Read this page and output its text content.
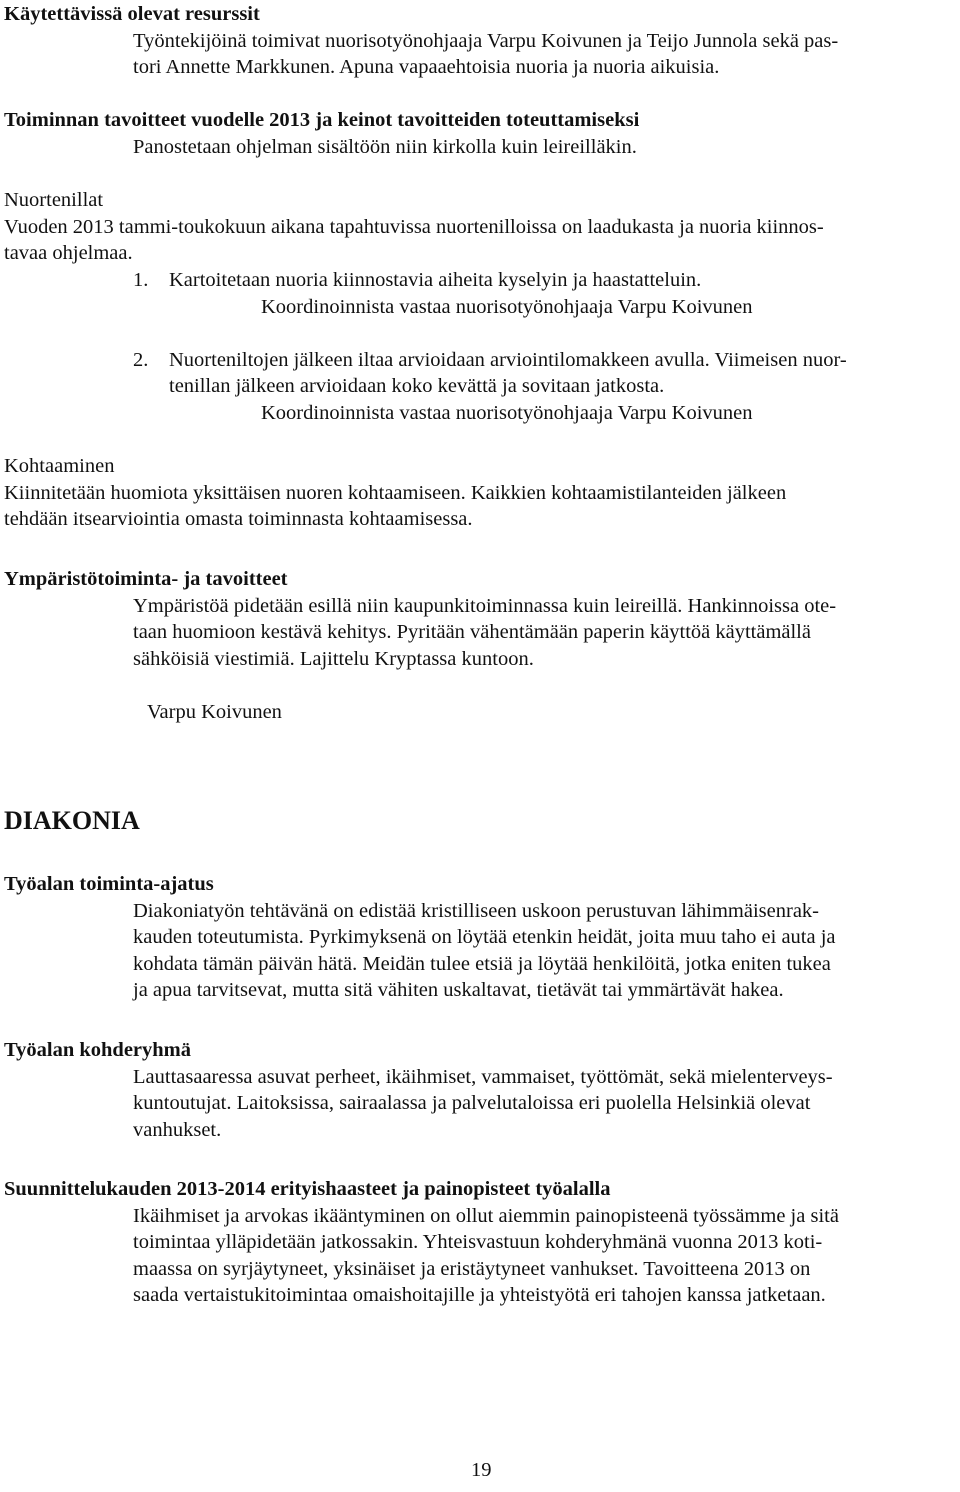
Käytettävissä olevat resurssit
Työntekijöinä toimivat nuorisotyönohjaaja Varpu Koivunen ja Teijo Junnola sekä pas-
tori Annette Markkunen. Apuna vapaaehtoisia nuoria ja nuoria aikuisia.
Toiminnan tavoitteet vuodelle 2013 ja keinot tavoitteiden toteuttamiseksi
Panostetaan ohjelman sisältöön niin kirkolla kuin leireilläkin.
Nuortenillat
Vuoden 2013 tammi-toukokuun aikana tapahtuvissa nuortenilloissa on laadukasta ja nuoria kiinnos-
tavaa ohjelmaa.
1. Kartoitetaan nuoria kiinnostavia aiheita kyselyin ja haastatteluin.
Koordinoinnista vastaa nuorisotyönohjaaja Varpu Koivunen
2. Nuorteniltojen jälkeen iltaa arvioidaan arviointilomakkeen avulla. Viimeisen nuor-
tenillan jälkeen arvioidaan koko kevättä ja sovitaan jatkosta.
Koordinoinnista vastaa nuorisotyönohjaaja Varpu Koivunen
Kohtaaminen
Kiinnitetään huomiota yksittäisen nuoren kohtaamiseen. Kaikkien kohtaamistilanteiden jälkeen
tehdään itsearviointia omasta toiminnasta kohtaamisessa.
Ympäristötoiminta- ja tavoitteet
Ympäristöä pidetään esillä niin kaupunkitoiminnassa kuin leireillä. Hankinnoissa ote-
taan huomioon kestävä kehitys. Pyritään vähentämään paperin käyttöä käyttämällä
sähköisiä viestimiä. Lajittelu Kryptassa kuntoon.
Varpu Koivunen
DIAKONIA
Työalan toiminta-ajatus
Diakoniatyön tehtävänä on edistää kristilliseen uskoon perustuvan lähimmäisenrak-
kauden toteutumista. Pyrkimyksenä on löytää etenkin heidät, joita muu taho ei auta ja
kohdata tämän päivän hätä. Meidän tulee etsiä ja löytää henkilöitä, jotka eniten tukea
ja apua tarvitsevat, mutta sitä vähiten uskaltavat, tietävät tai ymmärtävät hakea.
Työalan kohderyhmä
Lauttasaaressa asuvat perheet, ikäihmiset, vammaiset, työttömät, sekä mielenterveys-
kuntoutujat. Laitoksissa, sairaalassa ja palvelutaloissa eri puolella Helsinkiä olevat
vanhukset.
Suunnittelukauden 2013-2014 erityishaasteet ja painopisteet työalalla
Ikäihmiset ja arvokas ikääntyminen on ollut aiemmin painopisteenä työssämme ja sitä
toimintaa ylläpidetään jatkossakin. Yhteisvastuun kohderyhmänä vuonna 2013 koti-
maassa on syrjäytyneet, yksinäiset ja eristäytyneet vanhukset. Tavoitteena 2013 on
saada vertaistukitoimintaa omaishoitajille ja yhteistyötä eri tahojen kanssa jatketaan.
19
